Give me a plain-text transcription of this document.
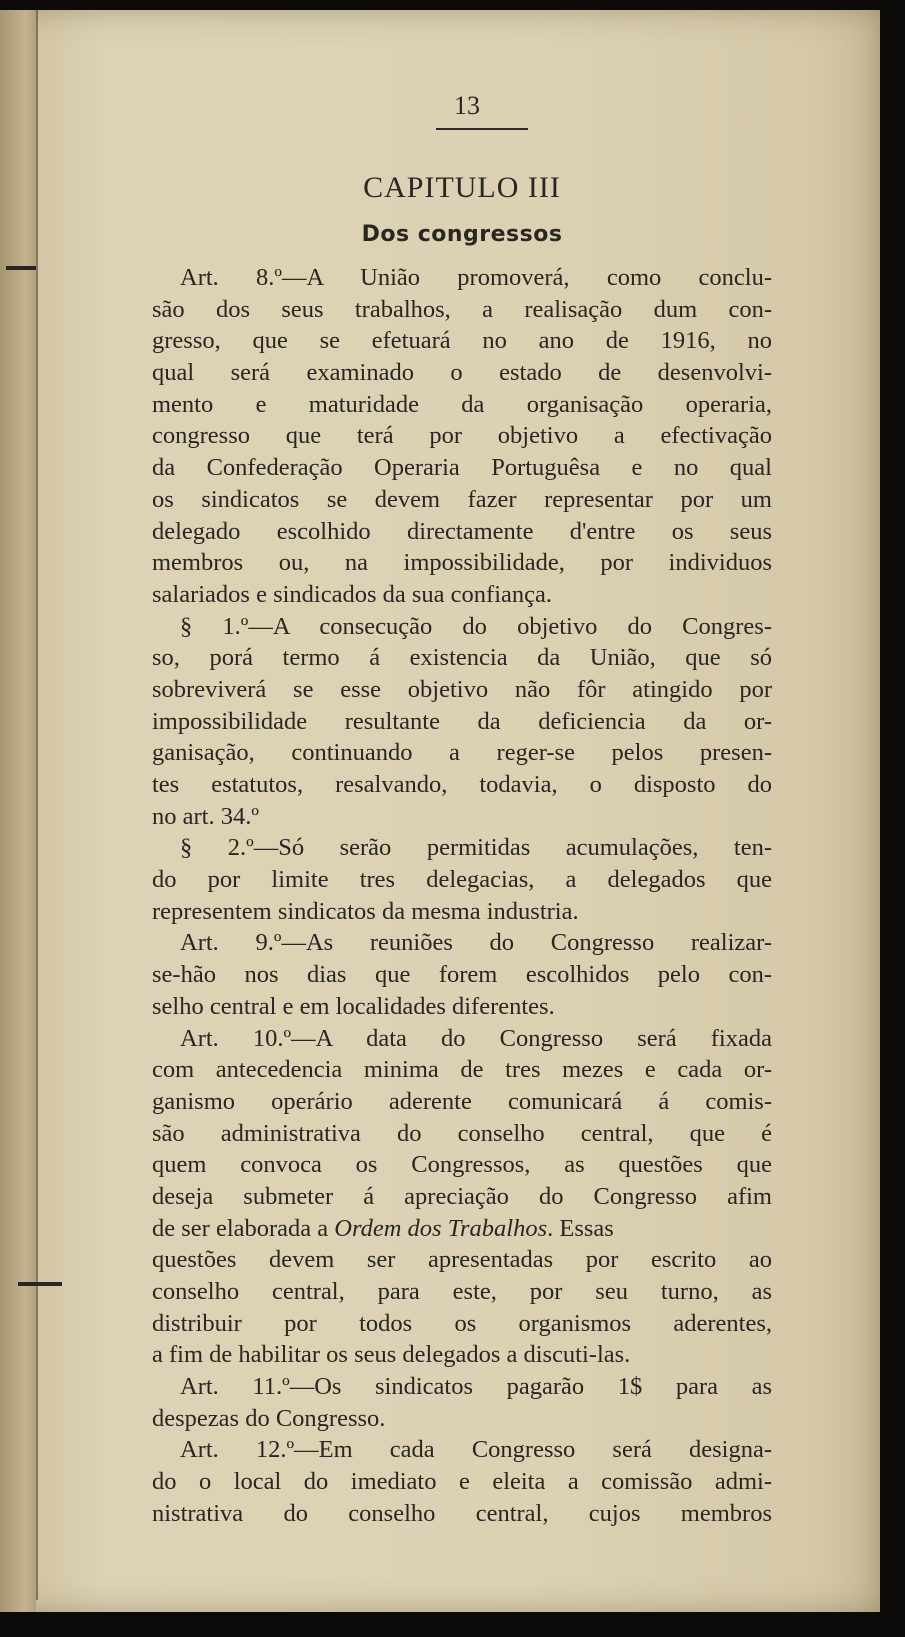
13
CAPITULO III
Dos congressos
Art. 8.º—A União promoverá, como conclu-
são dos seus trabalhos, a realisação dum con-
gresso, que se efetuará no ano de 1916, no
qual será examinado o estado de desenvolvi-
mento e maturidade da organisação operaria,
congresso que terá por objetivo a efectivação
da Confederação Operaria Portuguêsa e no qual
os sindicatos se devem fazer representar por um
delegado escolhido directamente d'entre os seus
membros ou, na impossibilidade, por individuos
salariados e sindicados da sua confiança.
§ 1.º—A consecução do objetivo do Congres-
so, porá termo á existencia da União, que só
sobreviverá se esse objetivo não fôr atingido por
impossibilidade resultante da deficiencia da or-
ganisação, continuando a reger-se pelos presen-
tes estatutos, resalvando, todavia, o disposto do
no art. 34.º
§ 2.º—Só serão permitidas acumulações, ten-
do por limite tres delegacias, a delegados que
representem sindicatos da mesma industria.
Art. 9.º—As reuniões do Congresso realizar-
se-hão nos dias que forem escolhidos pelo con-
selho central e em localidades diferentes.
Art. 10.º—A data do Congresso será fixada
com antecedencia minima de tres mezes e cada or-
ganismo operário aderente comunicará á comis-
são administrativa do conselho central, que é
quem convoca os Congressos, as questões que
deseja submeter á apreciação do Congresso afim
de ser elaborada a Ordem dos Trabalhos. Essas
questões devem ser apresentadas por escrito ao
conselho central, para este, por seu turno, as
distribuir por todos os organismos aderentes,
a fim de habilitar os seus delegados a discuti-las.
Art. 11.º—Os sindicatos pagarão 1$ para as
despezas do Congresso.
Art. 12.º—Em cada Congresso será designa-
do o local do imediato e eleita a comissão admi-
nistrativa do conselho central, cujos membros
